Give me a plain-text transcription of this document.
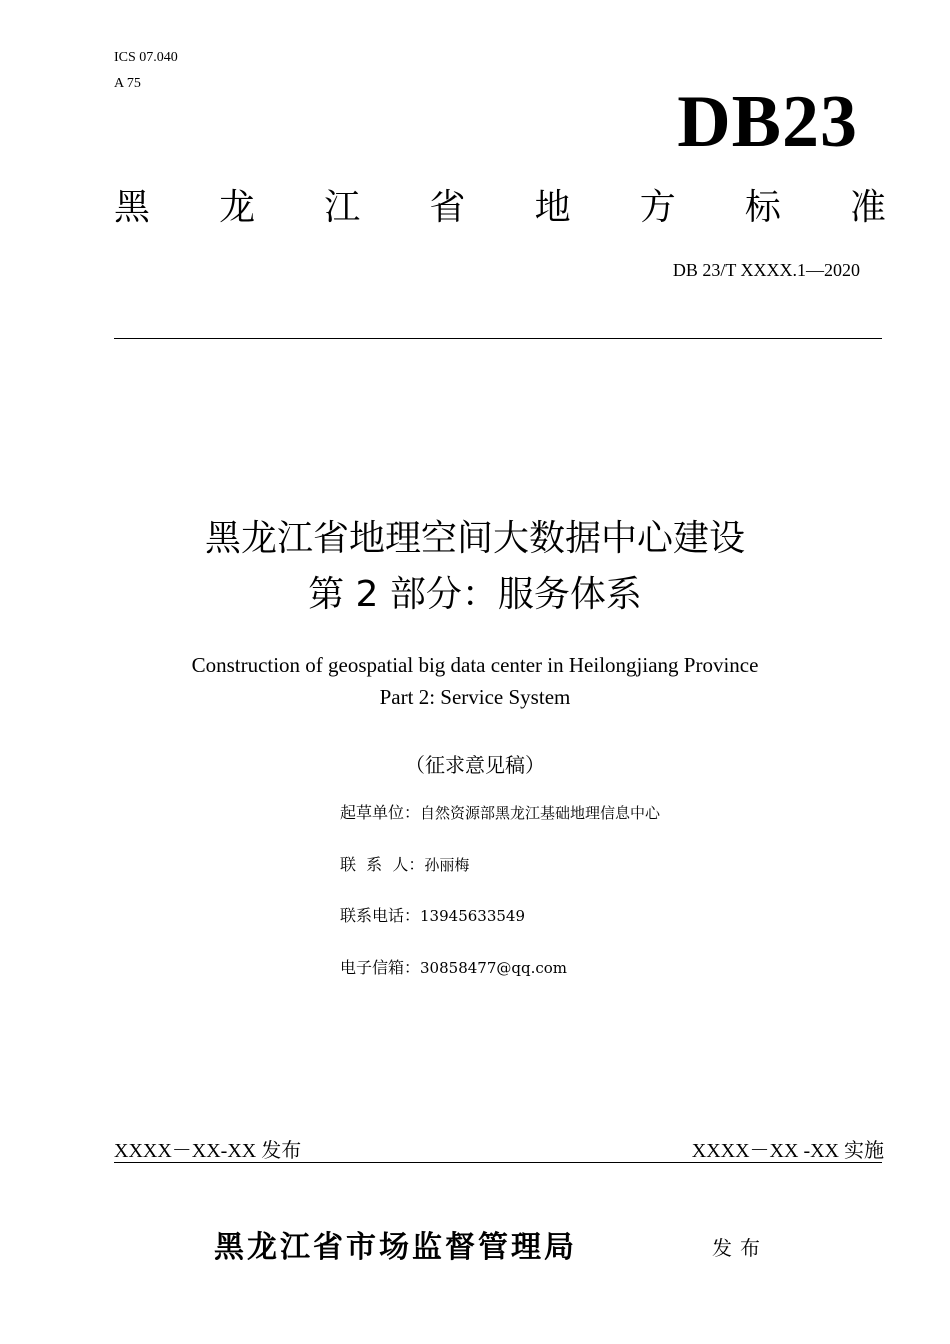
ICS 07.040
A 75	DB23
黑 龙 江 省 地 方 标 准
DB 23/T XXXX.1—2020
黑龙江省地理空间大数据中心建设
第 2 部分：服务体系
Construction of geospatial big data center in Heilongjiang Province
Part 2: Service System
（征求意见稿）
起草单位：自然资源部黑龙江基础地理信息中心
联  系  人：孙丽梅
联系电话：13945633549
电子信箱：30858477@qq.com
XXXX－XX-XX 发布	XXXX－XX -XX 实施
黑龙江省市场监督管理局	发布
